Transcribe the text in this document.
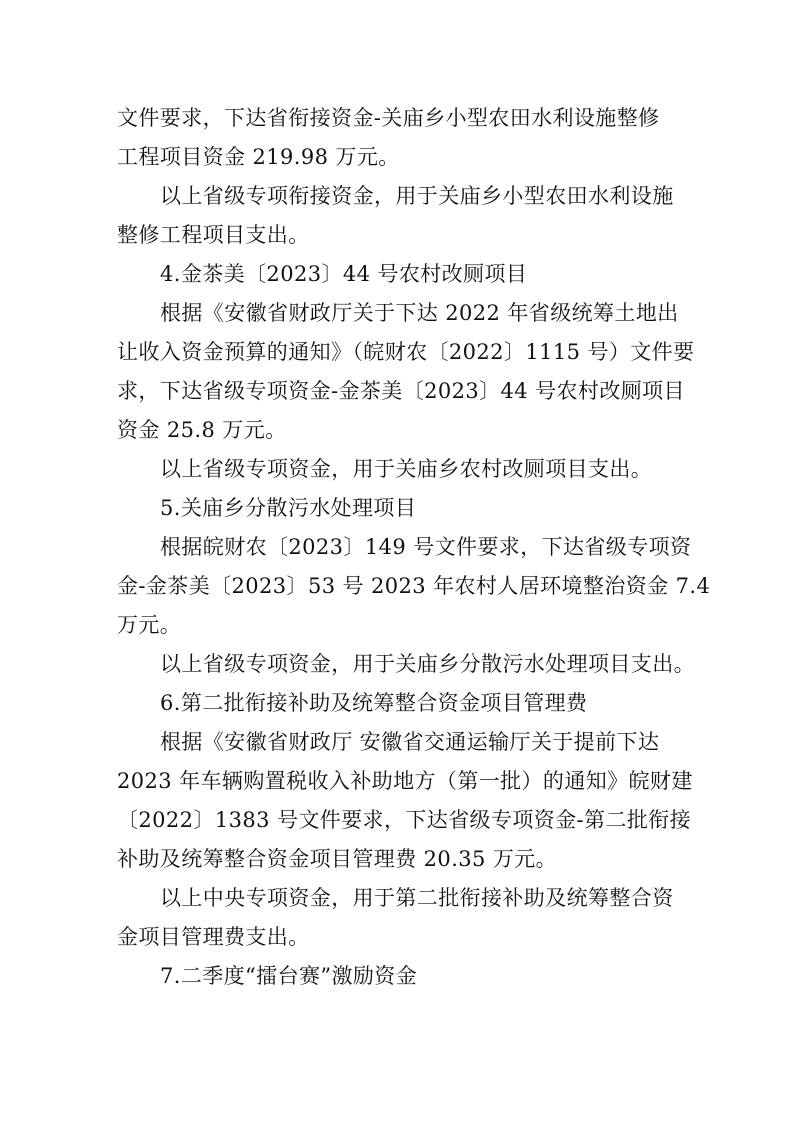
文件要求，下达省衔接资金-关庙乡小型农田水利设施整修
工程项目资金 219.98 万元。
以上省级专项衔接资金，用于关庙乡小型农田水利设施
整修工程项目支出。
4.金茶美〔2023〕44 号农村改厕项目
根据《安徽省财政厅关于下达 2022 年省级统筹土地出
让收入资金预算的通知》（皖财农〔2022〕1115 号）文件要
求，下达省级专项资金-金茶美〔2023〕44 号农村改厕项目
资金 25.8 万元。
以上省级专项资金，用于关庙乡农村改厕项目支出。
5.关庙乡分散污水处理项目
根据皖财农〔2023〕149 号文件要求，下达省级专项资
金-金茶美〔2023〕53 号 2023 年农村人居环境整治资金 7.4
万元。
以上省级专项资金，用于关庙乡分散污水处理项目支出。
6.第二批衔接补助及统筹整合资金项目管理费
根据《安徽省财政厅 安徽省交通运输厅关于提前下达
2023 年车辆购置税收入补助地方（第一批）的通知》皖财建
〔2022〕1383 号文件要求，下达省级专项资金-第二批衔接
补助及统筹整合资金项目管理费 20.35 万元。
以上中央专项资金，用于第二批衔接补助及统筹整合资
金项目管理费支出。
7.二季度“擂台赛”激励资金
